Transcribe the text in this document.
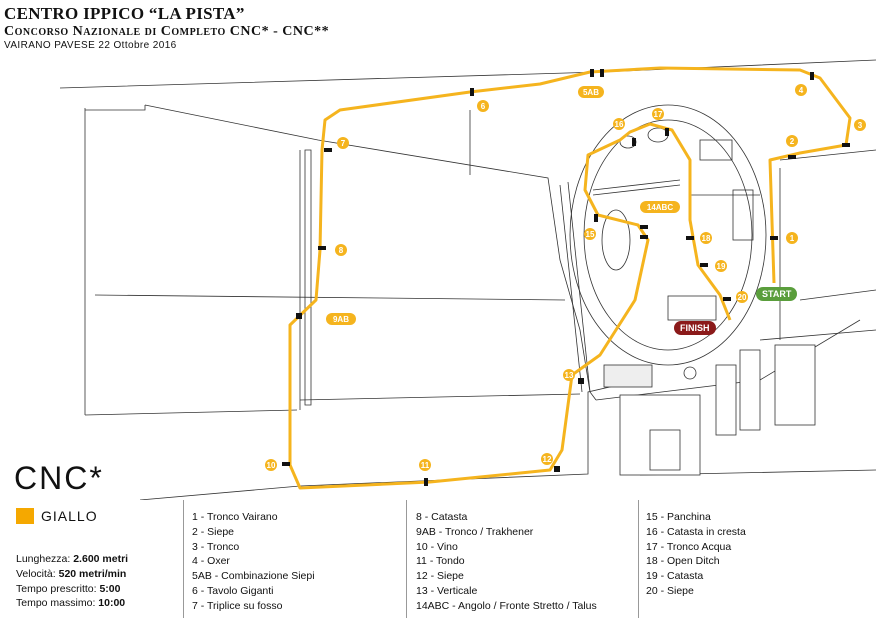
CENTRO IPPICO “LA PISTA”
Concorso Nazionale di Completo CNC* - CNC**
VAIRANO PAVESE 22 Ottobre 2016
1
2
3
4
5AB
6
7
8
9AB
10	11
12
13
14ABC
15
16
17
18
19
20	START
FINISH
CNC*
GIALLO
Lunghezza: 2.600 metri
Velocità: 520 metri/min
Tempo prescritto: 5:00
Tempo massimo: 10:00
1 - Tronco Vairano
2 - Siepe
3 - Tronco
4 - Oxer
5AB - Combinazione Siepi
6 - Tavolo Giganti
7 - Triplice su fosso
8 - Catasta
9AB - Tronco / Trakhener
10 - Vino
11 - Tondo
12 - Siepe
13 - Verticale
14ABC - Angolo / Fronte Stretto / Talus
15 - Panchina
16 - Catasta in cresta
17 - Tronco Acqua
18 - Open Ditch
19 - Catasta
20 - Siepe
